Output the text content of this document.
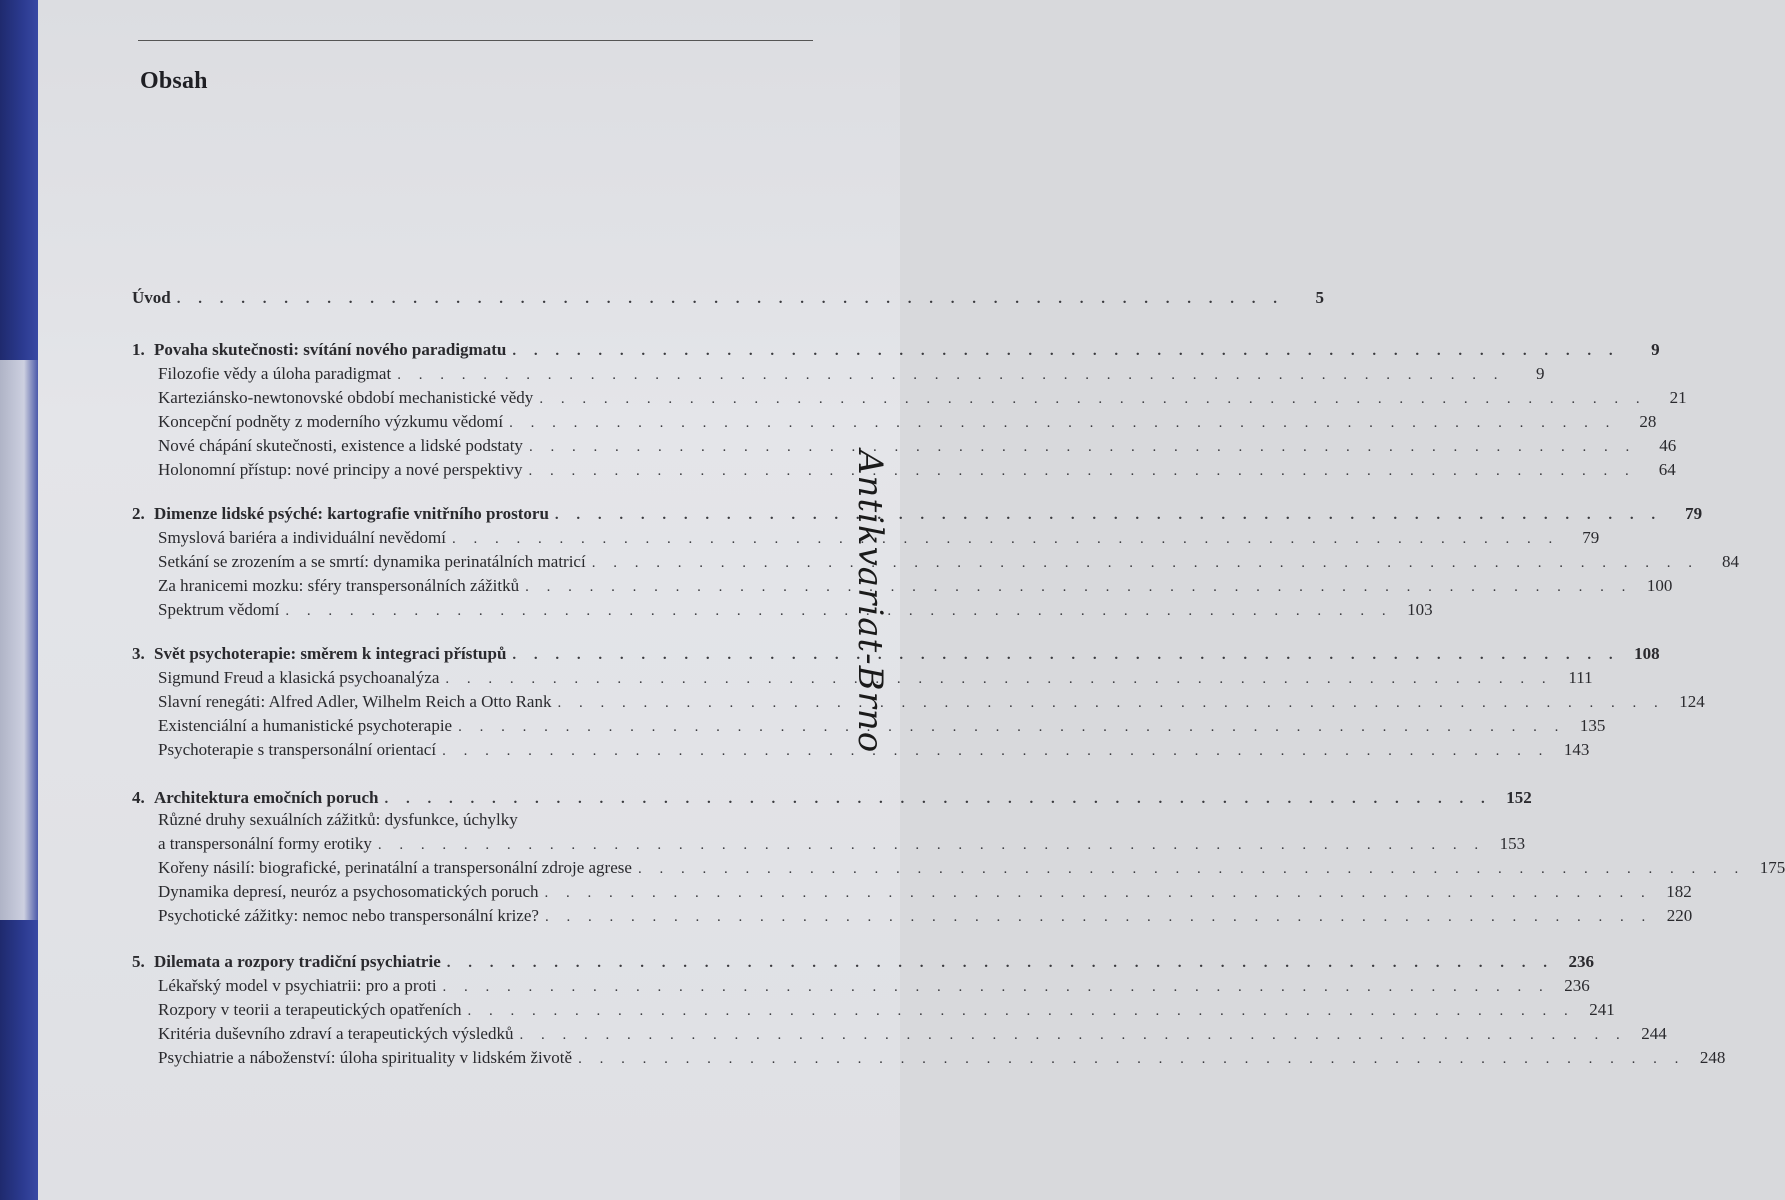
Obsah
Úvod . . . . . . . . . . . . . . . . . . . . . . . . . . . . . . . . . . . . . . . . . . . . . . . . . . . .	5
1. Povaha skutečnosti: svítání nového paradigmatu . . . . . . . . . . . . . . . . . . . . . . . . . . . . . . . . . . . . . . . . . . . . . . . . . . . .	9
Filozofie vědy a úloha paradigmat . . . . . . . . . . . . . . . . . . . . . . . . . . . . . . . . . . . . . . . . . . . . . . . . . . . .	9
Karteziánsko-newtonovské období mechanistické vědy . . . . . . . . . . . . . . . . . . . . . . . . . . . . . . . . . . . . . . . . . . . . . . . . . . . .	21
Koncepční podněty z moderního výzkumu vědomí . . . . . . . . . . . . . . . . . . . . . . . . . . . . . . . . . . . . . . . . . . . . . . . . . . . .	28
Nové chápání skutečnosti, existence a lidské podstaty . . . . . . . . . . . . . . . . . . . . . . . . . . . . . . . . . . . . . . . . . . . . . . . . . . . .	46
Holonomní přístup: nové principy a nové perspektivy . . . . . . . . . . . . . . . . . . . . . . . . . . . . . . . . . . . . . . . . . . . . . . . . . . . .	64
2. Dimenze lidské psýché: kartografie vnitřního prostoru . . . . . . . . . . . . . . . . . . . . . . . . . . . . . . . . . . . . . . . . . . . . . . . . . . . .	79
Smyslová bariéra a individuální nevědomí . . . . . . . . . . . . . . . . . . . . . . . . . . . . . . . . . . . . . . . . . . . . . . . . . . . .	79
Setkání se zrozením a se smrtí: dynamika perinatálních matricí . . . . . . . . . . . . . . . . . . . . . . . . . . . . . . . . . . . . . . . . . . . . . . . . . . . .	84
Za hranicemi mozku: sféry transpersonálních zážitků . . . . . . . . . . . . . . . . . . . . . . . . . . . . . . . . . . . . . . . . . . . . . . . . . . . . 100
Spektrum vědomí . . . . . . . . . . . . . . . . . . . . . . . . . . . . . . . . . . . . . . . . . . . . . . . . . . . . 103
3. Svět psychoterapie: směrem k integraci přístupů . . . . . . . . . . . . . . . . . . . . . . . . . . . . . . . . . . . . . . . . . . . . . . . . . . . . 108
Sigmund Freud a klasická psychoanalýza . . . . . . . . . . . . . . . . . . . . . . . . . . . . . . . . . . . . . . . . . . . . . . . . . . . . 111
Slavní renegáti: Alfred Adler, Wilhelm Reich a Otto Rank . . . . . . . . . . . . . . . . . . . . . . . . . . . . . . . . . . . . . . . . . . . . . . . . . . . . 124
Existenciální a humanistické psychoterapie . . . . . . . . . . . . . . . . . . . . . . . . . . . . . . . . . . . . . . . . . . . . . . . . . . . . 135
Psychoterapie s transpersonální orientací . . . . . . . . . . . . . . . . . . . . . . . . . . . . . . . . . . . . . . . . . . . . . . . . . . . . 143
4. Architektura emočních poruch . . . . . . . . . . . . . . . . . . . . . . . . . . . . . . . . . . . . . . . . . . . . . . . . . . . . 152
Různé druhy sexuálních zážitků: dysfunkce, úchylky
a transpersonální formy erotiky . . . . . . . . . . . . . . . . . . . . . . . . . . . . . . . . . . . . . . . . . . . . . . . . . . . . 153
Kořeny násilí: biografické, perinatální a transpersonální zdroje agrese . . . . . . . . . . . . . . . . . . . . . . . . . . . . . . . . . . . . . . . . . . . . . . . . . . . . 175
Dynamika depresí, neuróz a psychosomatických poruch . . . . . . . . . . . . . . . . . . . . . . . . . . . . . . . . . . . . . . . . . . . . . . . . . . . . 182
Psychotické zážitky: nemoc nebo transpersonální krize? . . . . . . . . . . . . . . . . . . . . . . . . . . . . . . . . . . . . . . . . . . . . . . . . . . . . 220
5. Dilemata a rozpory tradiční psychiatrie . . . . . . . . . . . . . . . . . . . . . . . . . . . . . . . . . . . . . . . . . . . . . . . . . . . . 236
Lékařský model v psychiatrii: pro a proti . . . . . . . . . . . . . . . . . . . . . . . . . . . . . . . . . . . . . . . . . . . . . . . . . . . . 236
Rozpory v teorii a terapeutických opatřeních . . . . . . . . . . . . . . . . . . . . . . . . . . . . . . . . . . . . . . . . . . . . . . . . . . . . 241
Kritéria duševního zdraví a terapeutických výsledků . . . . . . . . . . . . . . . . . . . . . . . . . . . . . . . . . . . . . . . . . . . . . . . . . . . . 244
Psychiatrie a náboženství: úloha spirituality v lidském životě . . . . . . . . . . . . . . . . . . . . . . . . . . . . . . . . . . . . . . . . . . . . . . . . . . . . 248
Antikvariat-Brno
